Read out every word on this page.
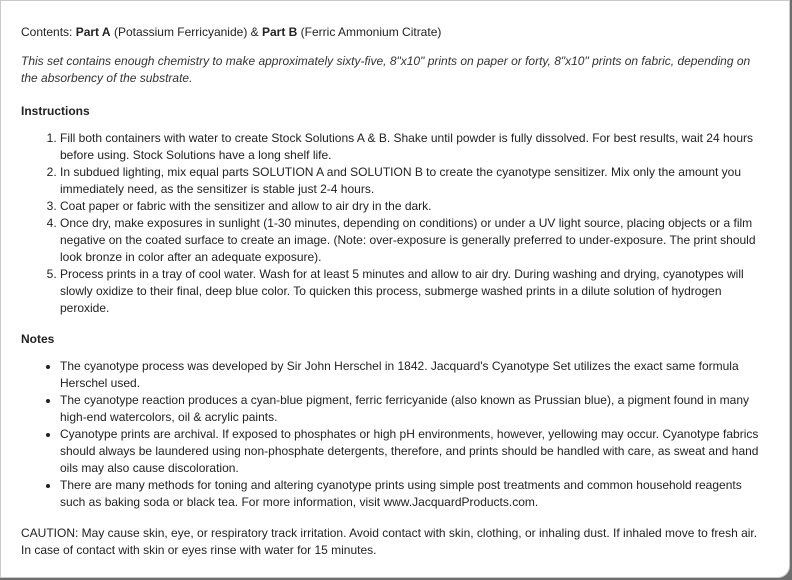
Contents: Part A (Potassium Ferricyanide) & Part B (Ferric Ammonium Citrate)

This set contains enough chemistry to make approximately sixty-five, 8"x10" prints on paper or forty, 8"x10" prints on fabric, depending on the absorbency of the substrate.

Instructions
1. Fill both containers with water to create Stock Solutions A & B. Shake until powder is fully dissolved. For best results, wait 24 hours before using. Stock Solutions have a long shelf life.
2. In subdued lighting, mix equal parts SOLUTION A and SOLUTION B to create the cyanotype sensitizer. Mix only the amount you immediately need, as the sensitizer is stable just 2-4 hours.
3. Coat paper or fabric with the sensitizer and allow to air dry in the dark.
4. Once dry, make exposures in sunlight (1-30 minutes, depending on conditions) or under a UV light source, placing objects or a film negative on the coated surface to create an image. (Note: over-exposure is generally preferred to under-exposure. The print should look bronze in color after an adequate exposure).
5. Process prints in a tray of cool water. Wash for at least 5 minutes and allow to air dry. During washing and drying, cyanotypes will slowly oxidize to their final, deep blue color. To quicken this process, submerge washed prints in a dilute solution of hydrogen peroxide.
Notes
• The cyanotype process was developed by Sir John Herschel in 1842. Jacquard's Cyanotype Set utilizes the exact same formula Herschel used.
• The cyanotype reaction produces a cyan-blue pigment, ferric ferricyanide (also known as Prussian blue), a pigment found in many high-end watercolors, oil & acrylic paints.
• Cyanotype prints are archival. If exposed to phosphates or high pH environments, however, yellowing may occur. Cyanotype fabrics should always be laundered using non-phosphate detergents, therefore, and prints should be handled with care, as sweat and hand oils may also cause discoloration.
• There are many methods for toning and altering cyanotype prints using simple post treatments and common household reagents such as baking soda or black tea. For more information, visit www.JacquardProducts.com.

CAUTION: May cause skin, eye, or respiratory track irritation. Avoid contact with skin, clothing, or inhaling dust. If inhaled move to fresh air. In case of contact with skin or eyes rinse with water for 15 minutes.
